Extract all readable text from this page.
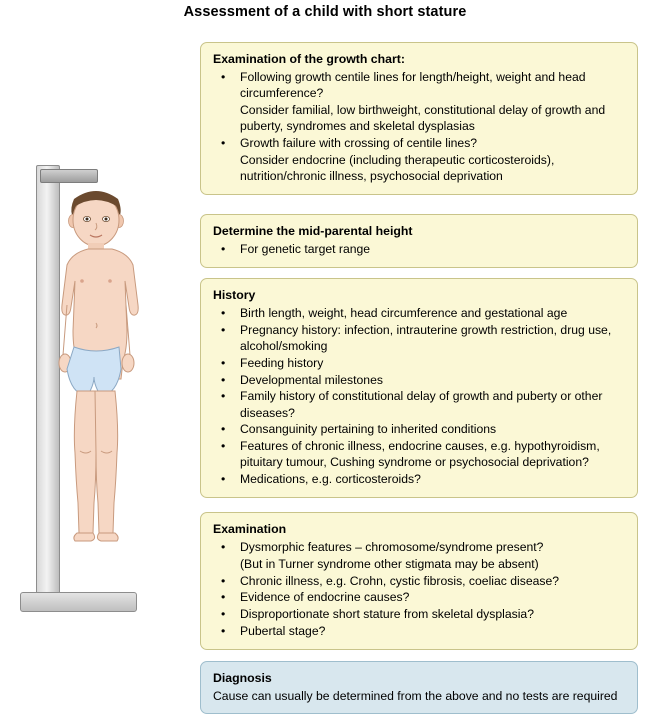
Assessment of a child with short stature
Examination of the growth chart:
• Following growth centile lines for length/height, weight and head circumference?
Consider familial, low birthweight, constitutional delay of growth and puberty, syndromes and skeletal dysplasias
• Growth failure with crossing of centile lines?
Consider endocrine (including therapeutic corticosteroids), nutrition/chronic illness, psychosocial deprivation
Determine the mid-parental height
• For genetic target range
History
• Birth length, weight, head circumference and gestational age
• Pregnancy history: infection, intrauterine growth restriction, drug use, alcohol/smoking
• Feeding history
• Developmental milestones
• Family history of constitutional delay of growth and puberty or other diseases?
• Consanguinity pertaining to inherited conditions
• Features of chronic illness, endocrine causes, e.g. hypothyroidism, pituitary tumour, Cushing syndrome or psychosocial deprivation?
• Medications, e.g. corticosteroids?
Examination
• Dysmorphic features – chromosome/syndrome present?
(But in Turner syndrome other stigmata may be absent)
• Chronic illness, e.g. Crohn, cystic fibrosis, coeliac disease?
• Evidence of endocrine causes?
• Disproportionate short stature from skeletal dysplasia?
• Pubertal stage?
Diagnosis
Cause can usually be determined from the above and no tests are required
